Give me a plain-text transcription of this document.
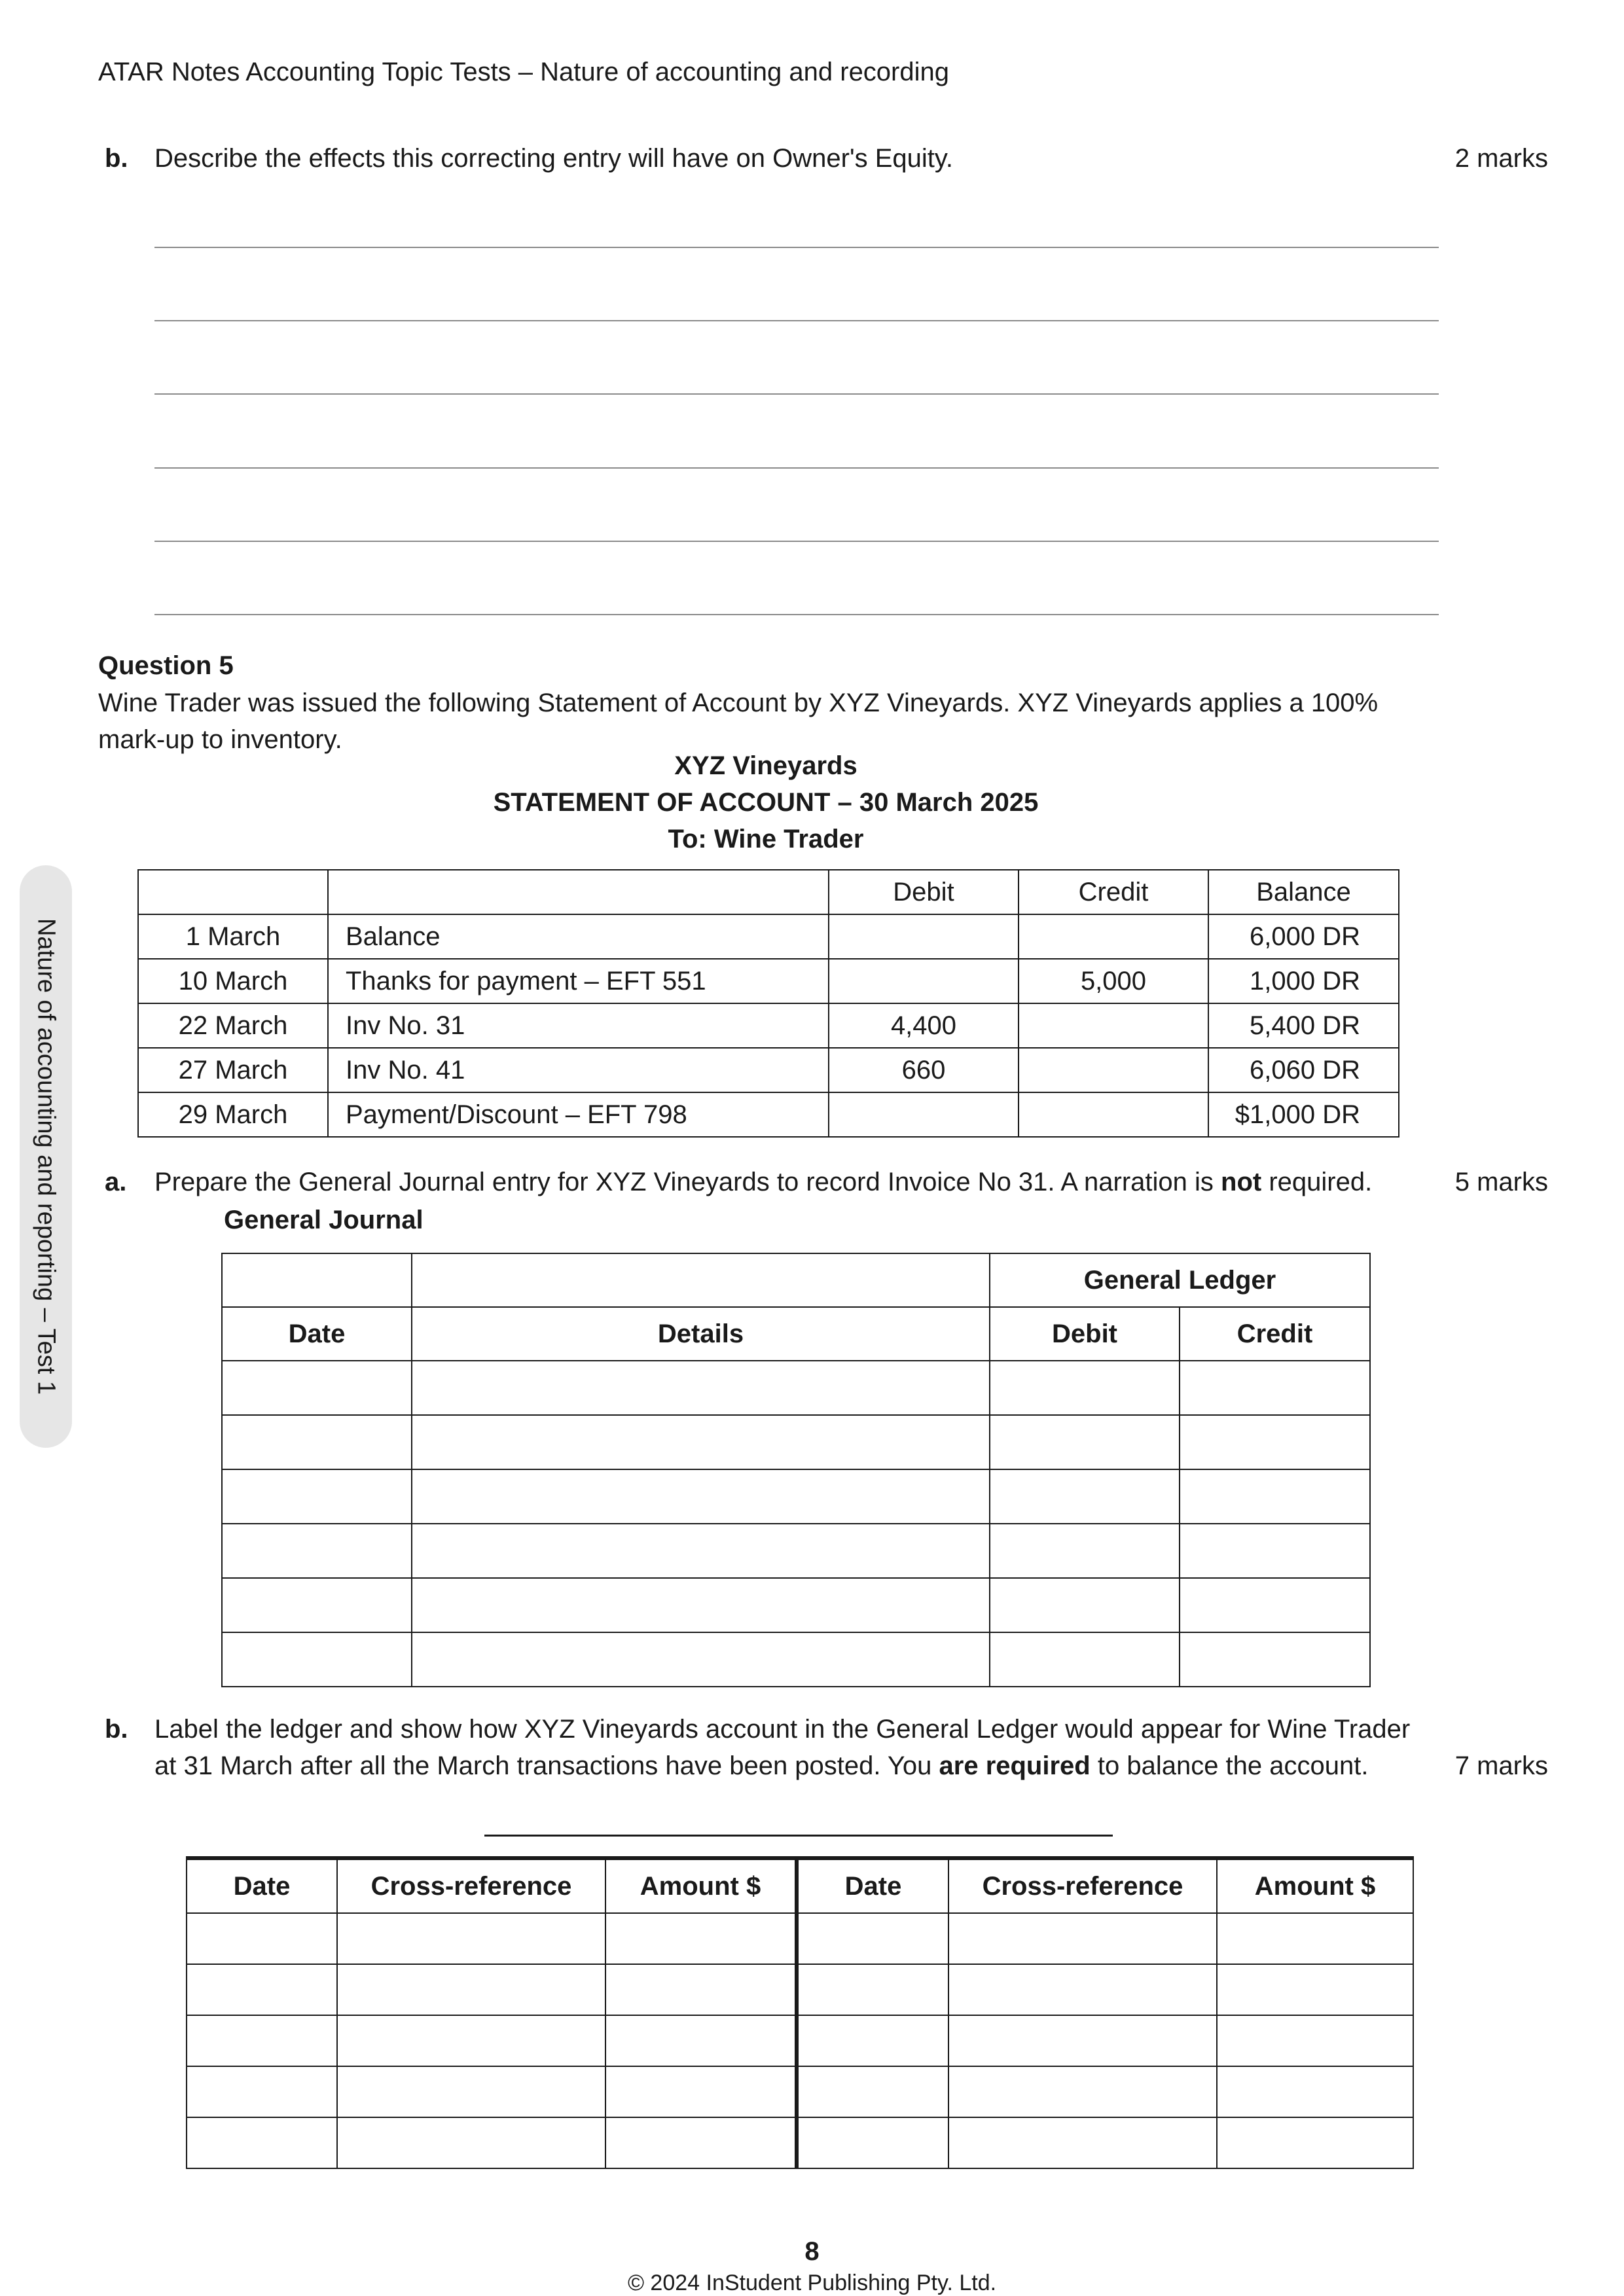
ATAR Notes Accounting Topic Tests – Nature of accounting and recording
b. Describe the effects this correcting entry will have on Owner's Equity.	2 marks
Nature of accounting and reporting – Test 1
Question 5
Wine Trader was issued the following Statement of Account by XYZ Vineyards. XYZ Vineyards applies a 100%
mark-up to inventory.
XYZ Vineyards
STATEMENT OF ACCOUNT – 30 March 2025
To: Wine Trader
		Debit	Credit	Balance
1 March	Balance			6,000 DR
10 March	Thanks for payment – EFT 551		5,000	1,000 DR
22 March	Inv No. 31	4,400		5,400 DR
27 March	Inv No. 41	660		6,060 DR
29 March	Payment/Discount – EFT 798			$1,000 DR
a. Prepare the General Journal entry for XYZ Vineyards to record Invoice No 31. A narration is not required.	5 marks
General Journal
		General Ledger	
Date	Details	Debit	Credit

b. Label the ledger and show how XYZ Vineyards account in the General Ledger would appear for Wine Trader
at 31 March after all the March transactions have been posted. You are required to balance the account.	7 marks
Date	Cross-reference	Amount $	Date	Cross-reference	Amount $

8
© 2024 InStudent Publishing Pty. Ltd.
